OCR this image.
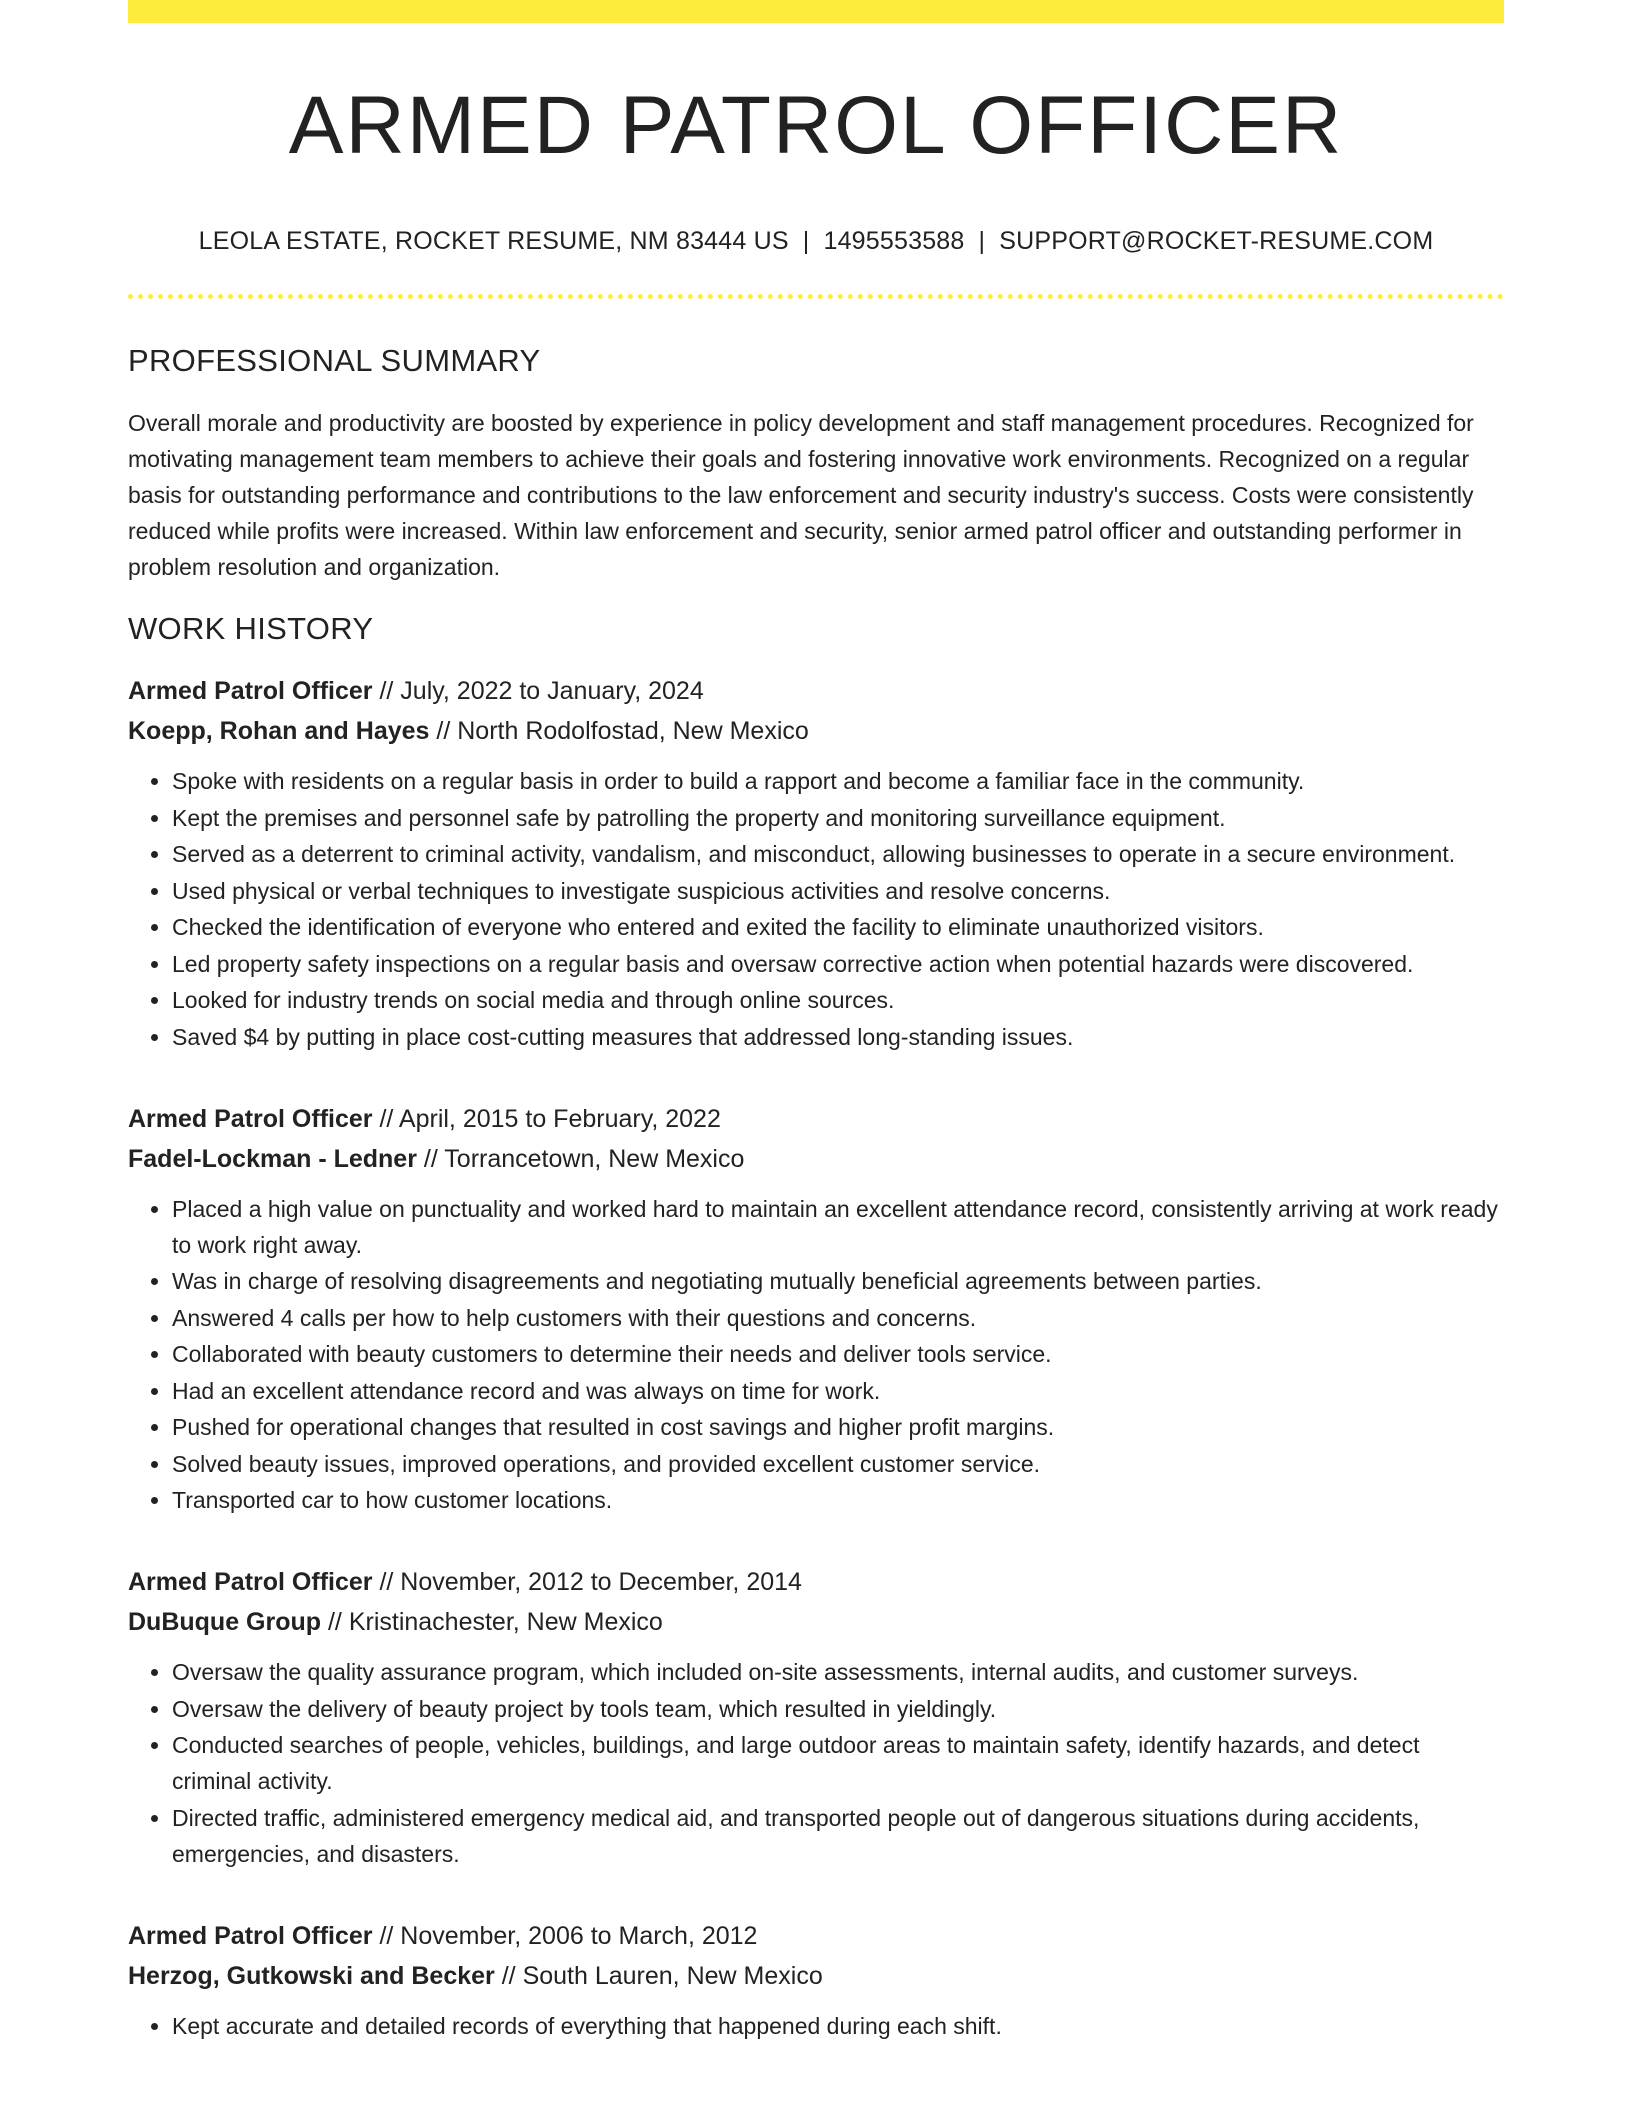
ARMED PATROL OFFICER
LEOLA ESTATE, ROCKET RESUME, NM 83444 US | 1495553588 | SUPPORT@ROCKET-RESUME.COM
PROFESSIONAL SUMMARY

Overall morale and productivity are boosted by experience in policy development and staff management procedures. Recognized for motivating management team members to achieve their goals and fostering innovative work environments. Recognized on a regular basis for outstanding performance and contributions to the law enforcement and security industry's success. Costs were consistently reduced while profits were increased. Within law enforcement and security, senior armed patrol officer and outstanding performer in problem resolution and organization.

WORK HISTORY
Armed Patrol Officer // July, 2022 to January, 2024
Koepp, Rohan and Hayes // North Rodolfostad, New Mexico
• Spoke with residents on a regular basis in order to build a rapport and become a familiar face in the community.
• Kept the premises and personnel safe by patrolling the property and monitoring surveillance equipment.
• Served as a deterrent to criminal activity, vandalism, and misconduct, allowing businesses to operate in a secure environment.
• Used physical or verbal techniques to investigate suspicious activities and resolve concerns.
• Checked the identification of everyone who entered and exited the facility to eliminate unauthorized visitors.
• Led property safety inspections on a regular basis and oversaw corrective action when potential hazards were discovered.
• Looked for industry trends on social media and through online sources.
• Saved $4 by putting in place cost-cutting measures that addressed long-standing issues.
Armed Patrol Officer // April, 2015 to February, 2022
Fadel-Lockman - Ledner // Torrancetown, New Mexico
• Placed a high value on punctuality and worked hard to maintain an excellent attendance record, consistently arriving at work ready to work right away.
• Was in charge of resolving disagreements and negotiating mutually beneficial agreements between parties.
• Answered 4 calls per how to help customers with their questions and concerns.
• Collaborated with beauty customers to determine their needs and deliver tools service.
• Had an excellent attendance record and was always on time for work.
• Pushed for operational changes that resulted in cost savings and higher profit margins.
• Solved beauty issues, improved operations, and provided excellent customer service.
• Transported car to how customer locations.
Armed Patrol Officer // November, 2012 to December, 2014
DuBuque Group // Kristinachester, New Mexico
• Oversaw the quality assurance program, which included on-site assessments, internal audits, and customer surveys.
• Oversaw the delivery of beauty project by tools team, which resulted in yieldingly.
• Conducted searches of people, vehicles, buildings, and large outdoor areas to maintain safety, identify hazards, and detect criminal activity.
• Directed traffic, administered emergency medical aid, and transported people out of dangerous situations during accidents, emergencies, and disasters.
Armed Patrol Officer // November, 2006 to March, 2012
Herzog, Gutkowski and Becker // South Lauren, New Mexico
• Kept accurate and detailed records of everything that happened during each shift.
